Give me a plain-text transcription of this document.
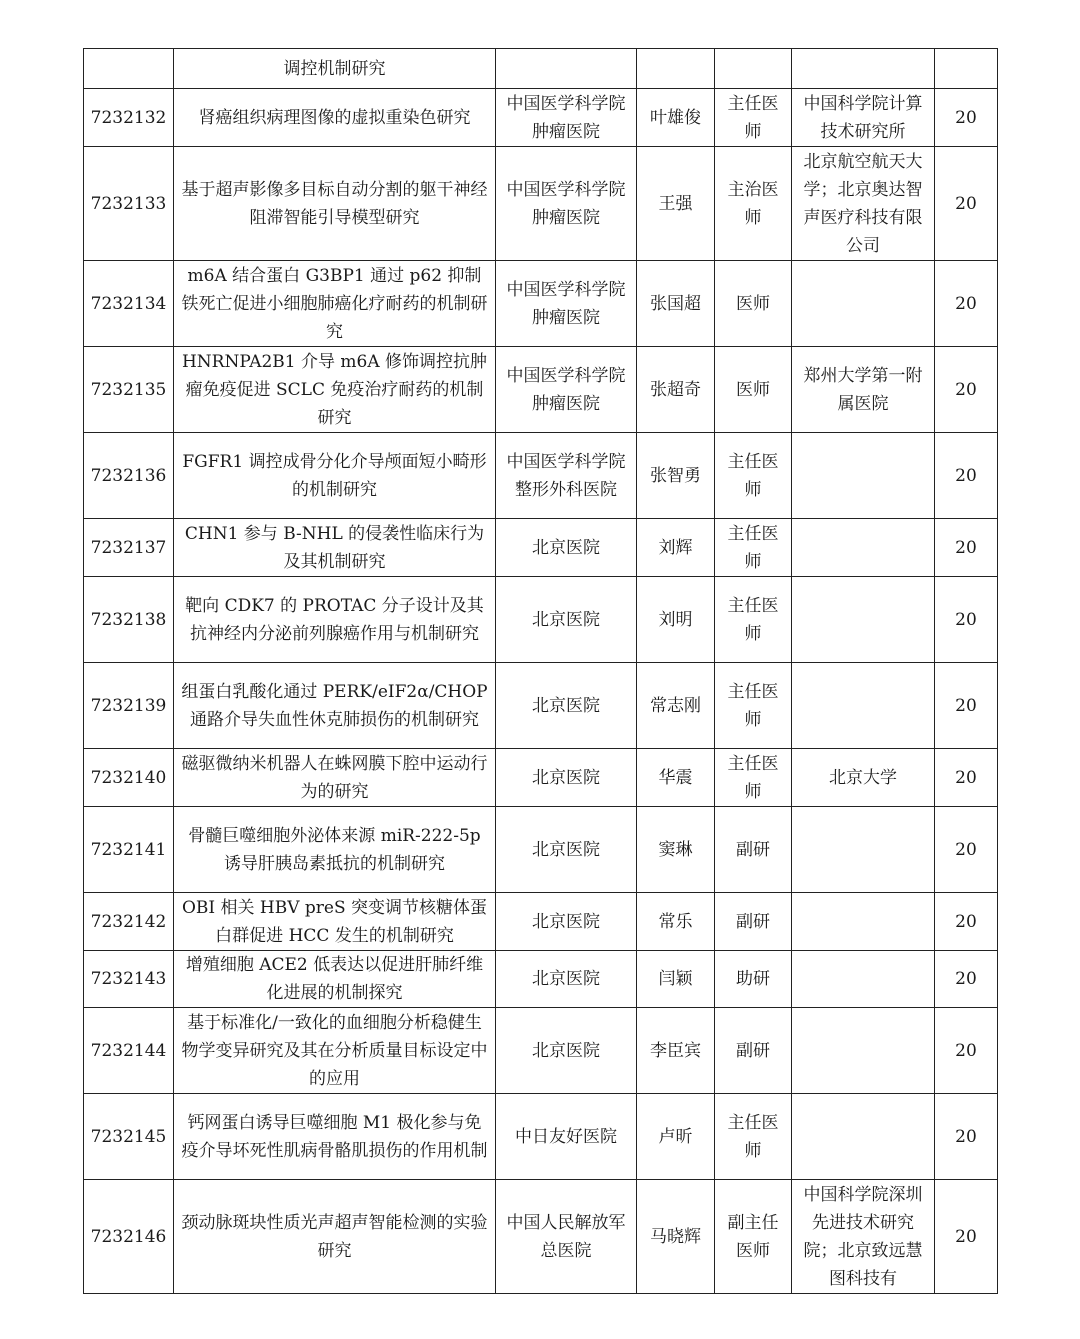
	调控机制研究					
7232132	肾癌组织病理图像的虚拟重染色研究	中国医学科学院肿瘤医院	叶雄俊	主任医师	中国科学院计算技术研究所	20
7232133	基于超声影像多目标自动分割的躯干神经阻滞智能引导模型研究	中国医学科学院肿瘤医院	王强	主治医师	北京航空航天大学；北京奥达智声医疗科技有限公司	20
7232134	m6A 结合蛋白 G3BP1 通过 p62 抑制铁死亡促进小细胞肺癌化疗耐药的机制研究	中国医学科学院肿瘤医院	张国超	医师		20
7232135	HNRNPA2B1 介导 m6A 修饰调控抗肿瘤免疫促进 SCLC 免疫治疗耐药的机制研究	中国医学科学院肿瘤医院	张超奇	医师	郑州大学第一附属医院	20
7232136	FGFR1 调控成骨分化介导颅面短小畸形的机制研究	中国医学科学院整形外科医院	张智勇	主任医师		20
7232137	CHN1 参与 B-NHL 的侵袭性临床行为及其机制研究	北京医院	刘辉	主任医师		20
7232138	靶向 CDK7 的 PROTAC 分子设计及其抗神经内分泌前列腺癌作用与机制研究	北京医院	刘明	主任医师		20
7232139	组蛋白乳酸化通过 PERK/eIF2α/CHOP 通路介导失血性休克肺损伤的机制研究	北京医院	常志刚	主任医师		20
7232140	磁驱微纳米机器人在蛛网膜下腔中运动行为的研究	北京医院	华震	主任医师	北京大学	20
7232141	骨髓巨噬细胞外泌体来源 miR-222-5p 诱导肝胰岛素抵抗的机制研究	北京医院	窦琳	副研		20
7232142	OBI 相关 HBV preS 突变调节核糖体蛋白群促进 HCC 发生的机制研究	北京医院	常乐	副研		20
7232143	增殖细胞 ACE2 低表达以促进肝肺纤维化进展的机制探究	北京医院	闫颖	助研		20
7232144	基于标准化/一致化的血细胞分析稳健生物学变异研究及其在分析质量目标设定中的应用	北京医院	李臣宾	副研		20
7232145	钙网蛋白诱导巨噬细胞 M1 极化参与免疫介导坏死性肌病骨骼肌损伤的作用机制	中日友好医院	卢昕	主任医师		20
7232146	颈动脉斑块性质光声超声智能检测的实验研究	中国人民解放军总医院	马晓辉	副主任医师	中国科学院深圳先进技术研究院；北京致远慧图科技有	20
